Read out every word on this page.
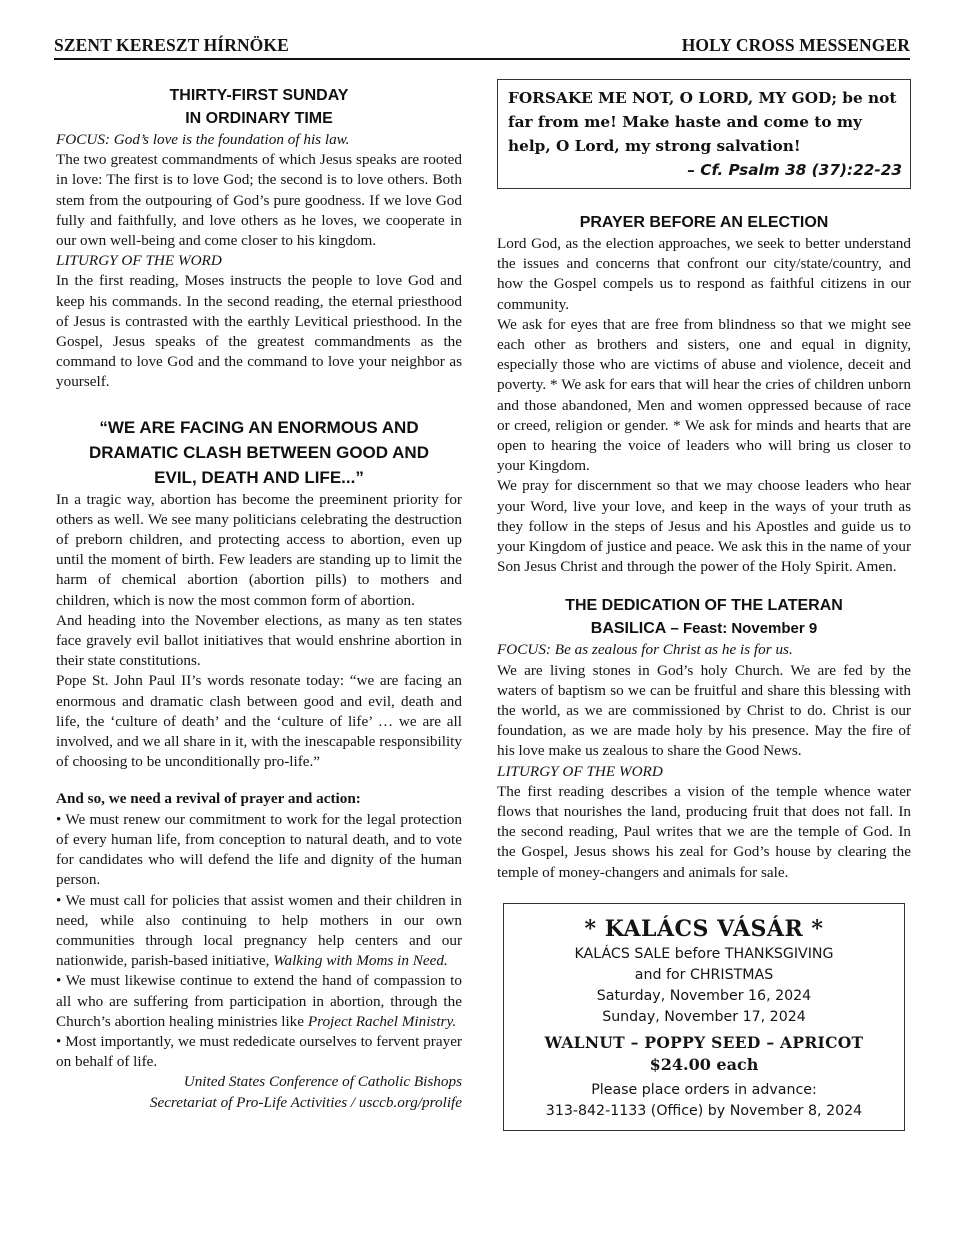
SZENT KERESZT HÍRNÖKE	HOLY CROSS MESSENGER
THIRTY-FIRST SUNDAY
IN ORDINARY TIME

FOCUS: God’s love is the foundation of his law.

The two greatest commandments of which Jesus speaks are rooted in love: The first is to love God; the second is to love others. Both stem from the outpouring of God’s pure goodness. If we love God fully and faithfully, and love others as he loves, we cooperate in our own well-being and come closer to his kingdom.

LITURGY OF THE WORD

In the first reading, Moses instructs the people to love God and keep his commands. In the second reading, the eternal priesthood of Jesus is contrasted with the earthly Levitical priesthood. In the Gospel, Jesus speaks of the greatest commandments as the command to love God and the command to love your neighbor as yourself.

“WE ARE FACING AN ENORMOUS AND
DRAMATIC CLASH BETWEEN GOOD AND
EVIL, DEATH AND LIFE...”

In a tragic way, abortion has become the preeminent priority for others as well. We see many politicians celebrating the destruction of preborn children, and protecting access to abortion, even up until the moment of birth. Few leaders are standing up to limit the harm of chemical abortion (abortion pills) to mothers and children, which is now the most common form of abortion.

And heading into the November elections, as many as ten states face gravely evil ballot initiatives that would enshrine abortion in their state constitutions.

Pope St. John Paul II’s words resonate today: “we are facing an enormous and dramatic clash between good and evil, death and life, the ‘culture of death’ and the ‘culture of life’ … we are all involved, and we all share in it, with the inescapable responsibility of choosing to be unconditionally pro-life.”

And so, we need a revival of prayer and action:

• We must renew our commitment to work for the legal protection of every human life, from conception to natural death, and to vote for candidates who will defend the life and dignity of the human person.

• We must call for policies that assist women and their children in need, while also continuing to help mothers in our own communities through local pregnancy help centers and our nationwide, parish-based initiative, Walking with Moms in Need.

• We must likewise continue to extend the hand of compassion to all who are suffering from participation in abortion, through the Church’s abortion healing ministries like Project Rachel Ministry.

• Most importantly, we must rededicate ourselves to fervent prayer on behalf of life.

United States Conference of Catholic Bishops

Secretariat of Pro-Life Activities / usccb.org/prolife

FORSAKE ME NOT, O LORD, MY GOD; be not far from me! Make haste and come to my help, O Lord, my strong salvation!
– Cf. Psalm 38 (37):22-23
PRAYER BEFORE AN ELECTION

Lord God, as the election approaches, we seek to better understand the issues and concerns that confront our city/state/country, and how the Gospel compels us to respond as faithful citizens in our community.

We ask for eyes that are free from blindness so that we might see each other as brothers and sisters, one and equal in dignity, especially those who are victims of abuse and violence, deceit and poverty. * We ask for ears that will hear the cries of children unborn and those abandoned, Men and women oppressed because of race or creed, religion or gender. * We ask for minds and hearts that are open to hearing the voice of leaders who will bring us closer to your Kingdom.

We pray for discernment so that we may choose leaders who hear your Word, live your love, and keep in the ways of your truth as they follow in the steps of Jesus and his Apostles and guide us to your Kingdom of justice and peace. We ask this in the name of your Son Jesus Christ and through the power of the Holy Spirit. Amen.

THE DEDICATION OF THE LATERAN
BASILICA – Feast: November 9

FOCUS: Be as zealous for Christ as he is for us.

We are living stones in God’s holy Church. We are fed by the waters of baptism so we can be fruitful and share this blessing with the world, as we are commissioned by Christ to do. Christ is our foundation, as we are made holy by his presence. May the fire of his love make us zealous to share the Good News.

LITURGY OF THE WORD

The first reading describes a vision of the temple whence water flows that nourishes the land, producing fruit that does not fall. In the second reading, Paul writes that we are the temple of God. In the Gospel, Jesus shows his zeal for God’s house by clearing the temple of money-changers and animals for sale.

* KALÁCS VÁSÁR *
KALÁCS SALE before THANKSGIVING
and for CHRISTMAS
Saturday, November 16, 2024
Sunday, November 17, 2024
WALNUT – POPPY SEED – APRICOT
$24.00 each
Please place orders in advance:
313-842-1133 (Office) by November 8, 2024
